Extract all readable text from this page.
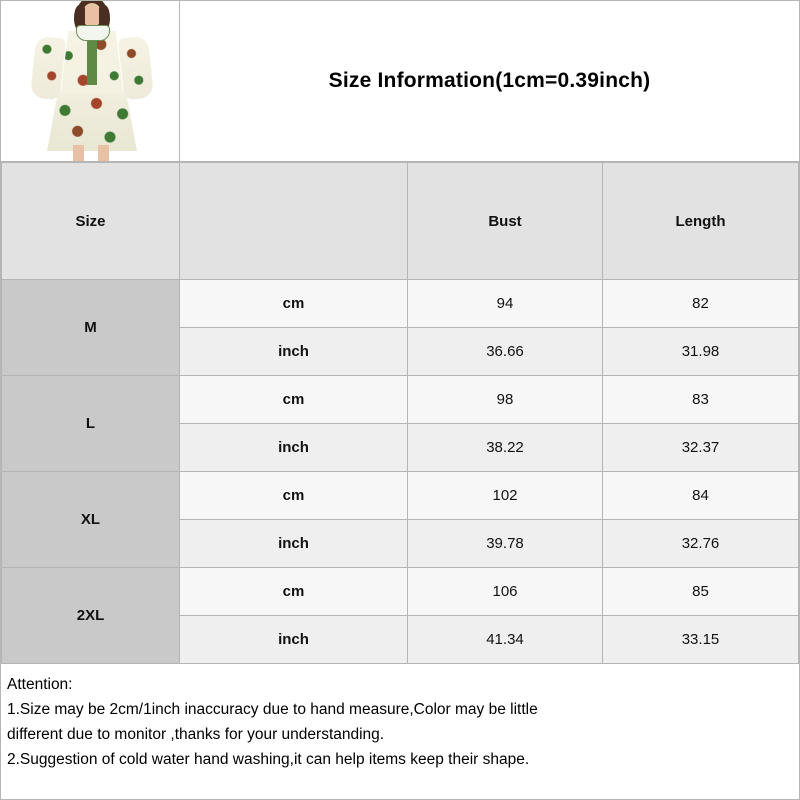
Size Information(1cm=0.39inch)
Size		Bust	Length
M	cm	94	82
	inch	36.66	31.98
L	cm	98	83
	inch	38.22	32.37
XL	cm	102	84
	inch	39.78	32.76
2XL	cm	106	85
	inch	41.34	33.15
Attention:
1.Size may be 2cm/1inch inaccuracy due to hand measure,Color may be little
different due to monitor ,thanks for your understanding.
2.Suggestion of cold water hand washing,it can help items keep their shape.
